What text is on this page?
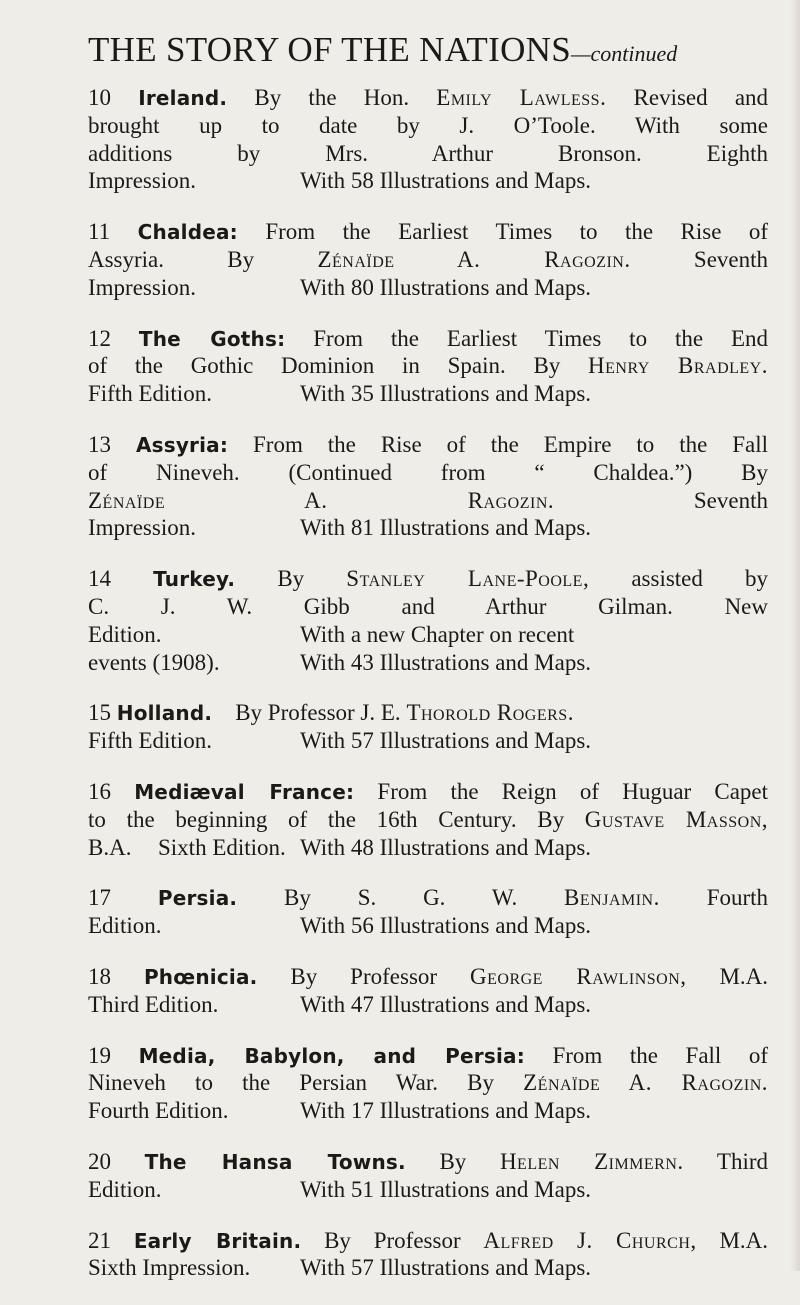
THE STORY OF THE NATIONS—continued
10 Ireland. By the Hon. Emily Lawless. Revised and
brought up to date by J. O’Toole. With some
additions by Mrs. Arthur Bronson.	Eighth
Impression.	With 58 Illustrations and Maps.
11 Chaldea: From the Earliest Times to the Rise of
Assyria. By	Zénaïde A. Ragozin.	Seventh
Impression.	With 80 Illustrations and Maps.
12 The Goths: From the Earliest Times to the End
of the Gothic Dominion in Spain. By Henry Bradley.
Fifth Edition.	With 35 Illustrations and Maps.
13 Assyria: From the Rise of the Empire to the Fall
of Nineveh. (Continued from “ Chaldea.”) By
Zénaïde A. Ragozin.	Seventh
Impression.	With 81 Illustrations and Maps.
14 Turkey. By Stanley Lane-Poole, assisted by
C. J. W. Gibb and Arthur Gilman. New
Edition.	With a new Chapter on recent
events (1908).	With 43 Illustrations and Maps.
15 Holland. By Professor J. E. Thorold Rogers.
Fifth Edition.	With 57 Illustrations and Maps.
16 Mediæval France: From the Reign of Huguar Capet
to the beginning of the 16th Century. By Gustave Masson,
B.A. Sixth Edition. With 48 Illustrations and Maps.
17 Persia. By S. G. W. Benjamin. Fourth
Edition.	With 56 Illustrations and Maps.
18 Phœnicia. By Professor George Rawlinson, M.A.
Third Edition.	With 47 Illustrations and Maps.
19 Media, Babylon, and Persia: From the Fall of
Nineveh to the Persian War. By Zénaïde A. Ragozin.
Fourth Edition.	With 17 Illustrations and Maps.
20 The Hansa Towns. By Helen Zimmern. Third
Edition.	With 51 Illustrations and Maps.
21 Early Britain. By Professor Alfred J. Church, M.A.
Sixth Impression. With 57 Illustrations and Maps.
